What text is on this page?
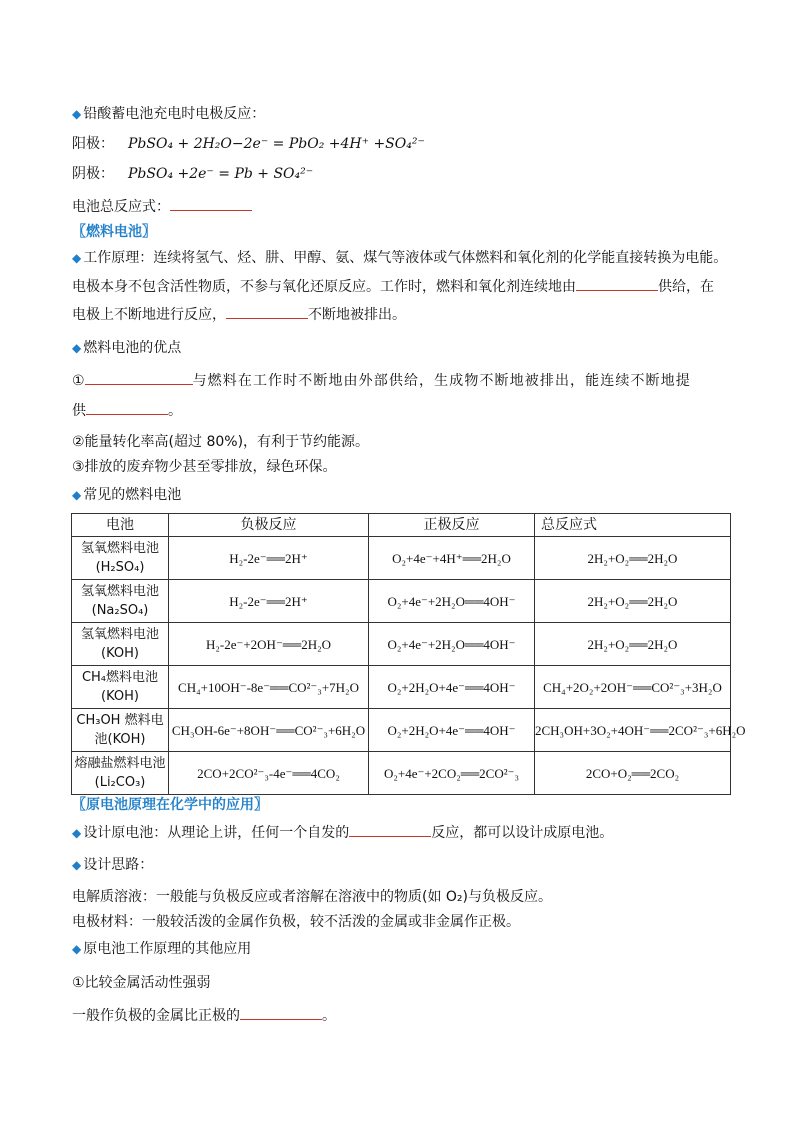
◆ 铅酸蓄电池充电时电极反应：
阳极： PbSO₄ + 2H₂O−2e⁻ = PbO₂ +4H⁺ +SO₄²⁻
阴极： PbSO₄ +2e⁻ = Pb + SO₄²⁻
电池总反应式：
〖燃料电池〗
◆ 工作原理：连续将氢气、烃、肼、甲醇、氨、煤气等液体或气体燃料和氧化剂的化学能直接转换为电能。
电极本身不包含活性物质，不参与氧化还原反应。工作时，燃料和氧化剂连续地由	供给，在
电极上不断地进行反应，	不断地被排出。
◆ 燃料电池的优点
①	与燃料在工作时不断地由外部供给，生成物不断地被排出，能连续不断地提
供	。
②能量转化率高(超过 80%)，有利于节约能源。
③排放的废弃物少甚至零排放，绿色环保。
◆ 常见的燃料电池
电池	负极反应	正极反应	总反应式
氢氧燃料电池(H₂SO₄)	H₂-2e⁻══2H⁺	O₂+4e⁻+4H⁺══2H₂O	2H₂+O₂══2H₂O
氢氧燃料电池(Na₂SO₄)	H₂-2e⁻══2H⁺	O₂+4e⁻+2H₂O══4OH⁻	2H₂+O₂══2H₂O
氢氧燃料电池(KOH)	H₂-2e⁻+2OH⁻══2H₂O	O₂+4e⁻+2H₂O══4OH⁻	2H₂+O₂══2H₂O
CH₄燃料电池(KOH)	CH₄+10OH⁻-8e⁻══CO²⁻₃+7H₂O	O₂+2H₂O+4e⁻══4OH⁻	CH₄+2O₂+2OH⁻══CO²⁻₃+3H₂O
CH₃OH 燃料电池(KOH)	CH₃OH-6e⁻+8OH⁻══CO²⁻₃+6H₂O	O₂+2H₂O+4e⁻══4OH⁻	2CH₃OH+3O₂+4OH⁻══2CO²⁻₃+6H₂O
熔融盐燃料电池(Li₂CO₃)	2CO+2CO²⁻₃-4e⁻══4CO₂	O₂+4e⁻+2CO₂══2CO²⁻₃	2CO+O₂══2CO₂
〖原电池原理在化学中的应用〗
◆ 设计原电池：从理论上讲，任何一个自发的	反应，都可以设计成原电池。
◆ 设计思路：
电解质溶液：一般能与负极反应或者溶解在溶液中的物质(如 O₂)与负极反应。
电极材料：一般较活泼的金属作负极，较不活泼的金属或非金属作正极。
◆ 原电池工作原理的其他应用
①比较金属活动性强弱
一般作负极的金属比正极的	。
